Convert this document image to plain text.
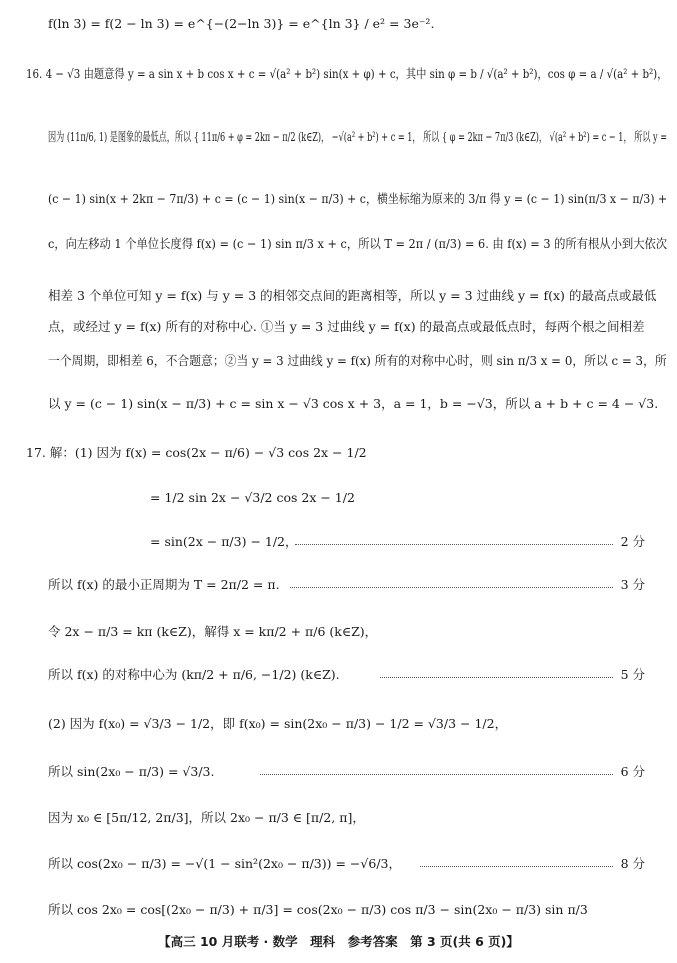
f(ln 3) = f(2 − ln 3) = e^{−(2−ln 3)} = e^{ln 3} / e² = 3e⁻².
16. 4 − √3 由题意得 y = a sin x + b cos x + c = √(a² + b²) sin(x + φ) + c，其中 sin φ = b / √(a² + b²)，cos φ = a / √(a² + b²)，
因为 (11π/6, 1) 是图象的最低点，所以 { 11π/6 + φ = 2kπ − π/2 (k∈Z)， −√(a² + b²) + c = 1， 所以 { φ = 2kπ − 7π/3 (k∈Z)， √(a² + b²) = c − 1， 所以 y =
(c − 1) sin(x + 2kπ − 7π/3) + c = (c − 1) sin(x − π/3) + c，横坐标缩为原来的 3/π 得 y = (c − 1) sin(π/3 x − π/3) +
c，向左移动 1 个单位长度得 f(x) = (c − 1) sin π/3 x + c，所以 T = 2π / (π/3) = 6. 由 f(x) = 3 的所有根从小到大依次
相差 3 个单位可知 y = f(x) 与 y = 3 的相邻交点间的距离相等，所以 y = 3 过曲线 y = f(x) 的最高点或最低
点，或经过 y = f(x) 所有的对称中心. ①当 y = 3 过曲线 y = f(x) 的最高点或最低点时，每两个根之间相差
一个周期，即相差 6，不合题意；②当 y = 3 过曲线 y = f(x) 所有的对称中心时，则 sin π/3 x = 0，所以 c = 3，所
以 y = (c − 1) sin(x − π/3) + c = sin x − √3 cos x + 3，a = 1，b = −√3，所以 a + b + c = 4 − √3.
17. 解：(1) 因为 f(x) = cos(2x − π/6) − √3 cos 2x − 1/2
= 1/2 sin 2x − √3/2 cos 2x − 1/2
= sin(2x − π/3) − 1/2，	2 分
所以 f(x) 的最小正周期为 T = 2π/2 = π.	3 分
令 2x − π/3 = kπ (k∈Z)，解得 x = kπ/2 + π/6 (k∈Z)，
所以 f(x) 的对称中心为 (kπ/2 + π/6, −1/2) (k∈Z).	5 分
(2) 因为 f(x₀) = √3/3 − 1/2，即 f(x₀) = sin(2x₀ − π/3) − 1/2 = √3/3 − 1/2，
所以 sin(2x₀ − π/3) = √3/3.	6 分
因为 x₀ ∈ [5π/12, 2π/3]，所以 2x₀ − π/3 ∈ [π/2, π]，
所以 cos(2x₀ − π/3) = −√(1 − sin²(2x₀ − π/3)) = −√6/3，	8 分
所以 cos 2x₀ = cos[(2x₀ − π/3) + π/3] = cos(2x₀ − π/3) cos π/3 − sin(2x₀ − π/3) sin π/3
【高三 10 月联考 · 数学　理科　参考答案　第 3 页(共 6 页)】
